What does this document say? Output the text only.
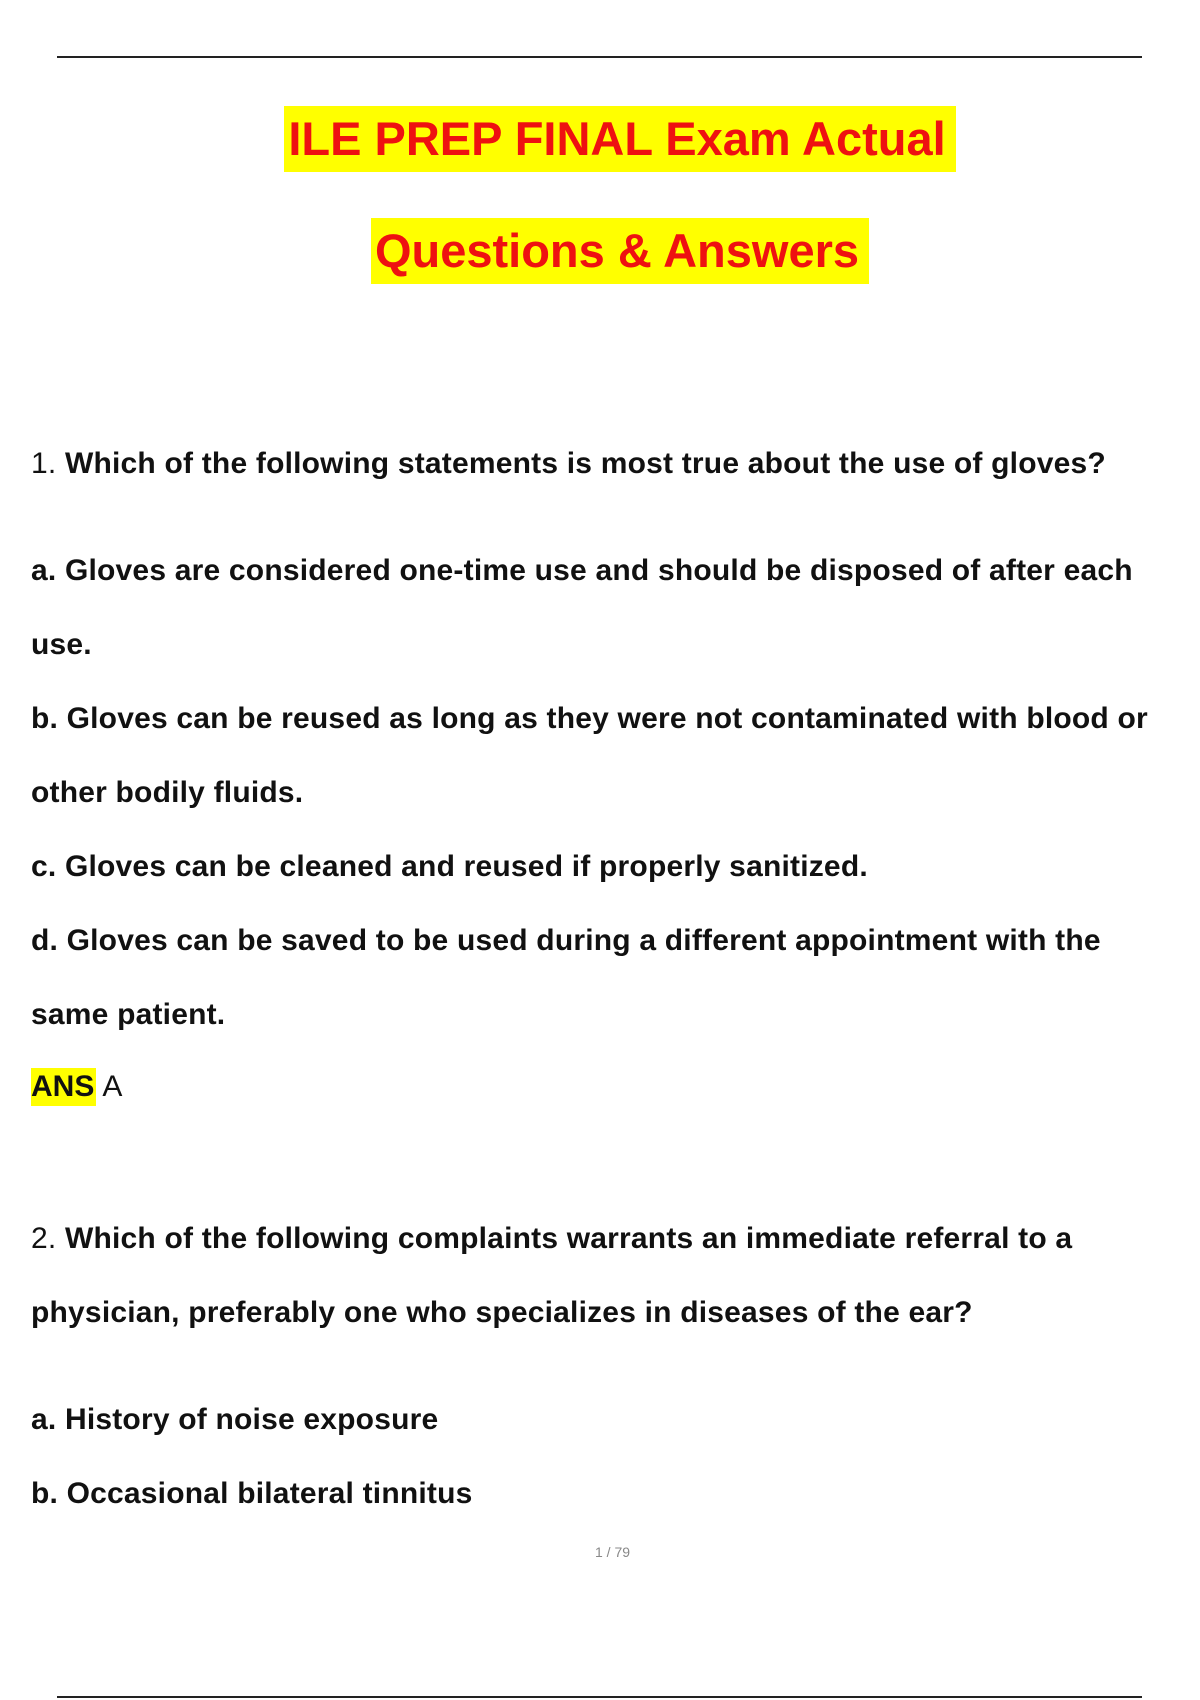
ILE PREP FINAL Exam Actual
Questions & Answers
1. Which of the following statements is most true about the use of gloves?
a. Gloves are considered one-time use and should be disposed of after each
use.
b. Gloves can be reused as long as they were not contaminated with blood or
other bodily fluids.
c. Gloves can be cleaned and reused if properly sanitized.
d. Gloves can be saved to be used during a different appointment with the
same patient.
ANS A
2. Which of the following complaints warrants an immediate referral to a
physician, preferably one who specializes in diseases of the ear?
a. History of noise exposure
b. Occasional bilateral tinnitus
1 / 79
